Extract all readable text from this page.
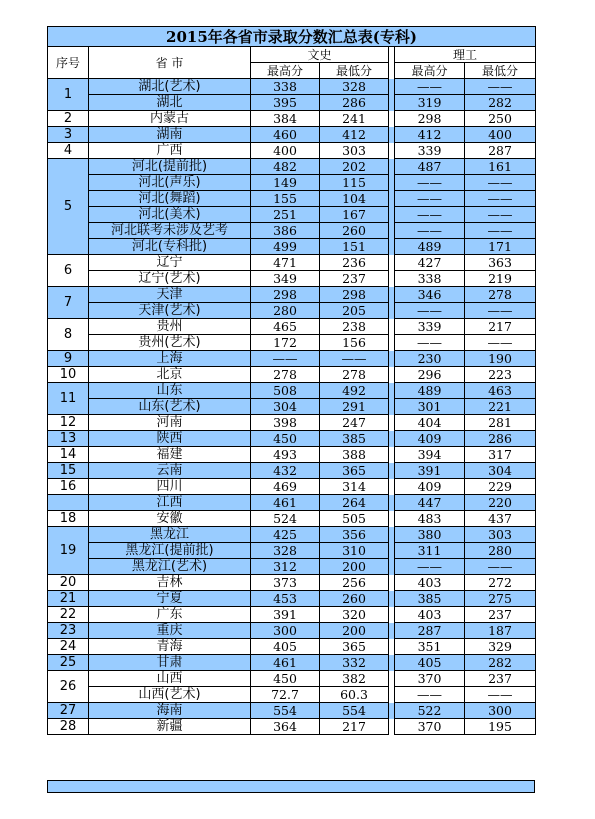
2015年各省市录取分数汇总表(专科)						
序号	省 市	文史			理工	
		最高分	最低分		最高分	最低分
1	湖北(艺术)	338	328		——	——
	湖北	395	286		319	282
2	内蒙古	384	241		298	250
3	湖南	460	412		412	400
4	广西	400	303		339	287
5	河北(提前批)	482	202		487	161
	河北(声乐)	149	115		——	——
	河北(舞蹈)	155	104		——	——
	河北(美术)	251	167		——	——
	河北联考未涉及艺考	386	260		——	——
	河北(专科批)	499	151		489	171
6	辽宁	471	236		427	363
	辽宁(艺术)	349	237		338	219
7	天津	298	298		346	278
	天津(艺术)	280	205		——	——
8	贵州	465	238		339	217
	贵州(艺术)	172	156		——	——
9	上海	——	——		230	190
10	北京	278	278		296	223
11	山东	508	492		489	463
	山东(艺术)	304	291		301	221
12	河南	398	247		404	281
13	陕西	450	385		409	286
14	福建	493	388		394	317
15	云南	432	365		391	304
16	四川	469	314		409	229
	江西	461	264		447	220
18	安徽	524	505		483	437
19	黑龙江	425	356		380	303
	黑龙江(提前批)	328	310		311	280
	黑龙江(艺术)	312	200		——	——
20	吉林	373	256		403	272
21	宁夏	453	260		385	275
22	广东	391	320		403	237
23	重庆	300	200		287	187
24	青海	405	365		351	329
25	甘肃	461	332		405	282
26	山西	450	382		370	237
	山西(艺术)	72.7	60.3		——	——
27	海南	554	554		522	300
28	新疆	364	217		370	195
